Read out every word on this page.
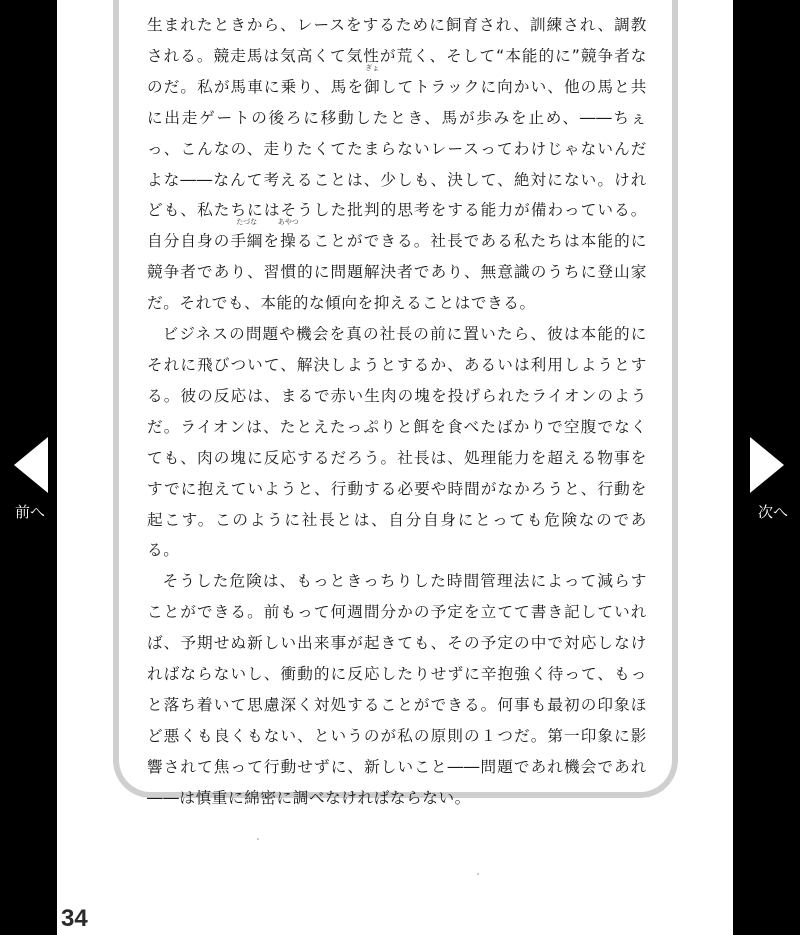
生まれたときから、レースをするために飼育され、訓練され、調教される。競走馬は気高くて気性が荒く、そして“本能的に”競争者なのだ。私が馬車に乗り、馬を御
ぎょ
してトラックに向かい、他の馬と共に出走ゲートの後ろに移動したとき、馬が歩みを止め、――ちぇっ、こんなの、走りたくてたまらないレースってわけじゃないんだよな――なんて考えることは、少しも、決して、絶対にない。けれども、私たちにはそうした批判的思考をする能力が備わっている。自分自身の手綱
たづな
を操
あやつ
ることができる。社長である私たちは本能的に競争者であり、習慣的に問題解決者であり、無意識のうちに登山家だ。それでも、本能的な傾向を抑えることはできる。

ビジネスの問題や機会を真の社長の前に置いたら、彼は本能的にそれに飛びついて、解決しようとするか、あるいは利用しようとする。彼の反応は、まるで赤い生肉の塊を投げられたライオンのようだ。ライオンは、たとえたっぷりと餌を食べたばかりで空腹でなくても、肉の塊に反応するだろう。社長は、処理能力を超える物事をすでに抱えていようと、行動する必要や時間がなかろうと、行動を起こす。このように社長とは、自分自身にとっても危険なのである。

そうした危険は、もっときっちりした時間管理法によって減らすことができる。前もって何週間分かの予定を立てて書き記していれば、予期せぬ新しい出来事が起きても、その予定の中で対応しなければならないし、衝動的に反応したりせずに辛抱強く待って、もっと落ち着いて思慮深く対処することができる。何事も最初の印象ほど悪くも良くもない、というのが私の原則の１つだ。第一印象に影響されて焦って行動せずに、新しいこと――問題であれ機会であれ――は慎重に綿密に調べなければならない。

34
前へ	次へ
